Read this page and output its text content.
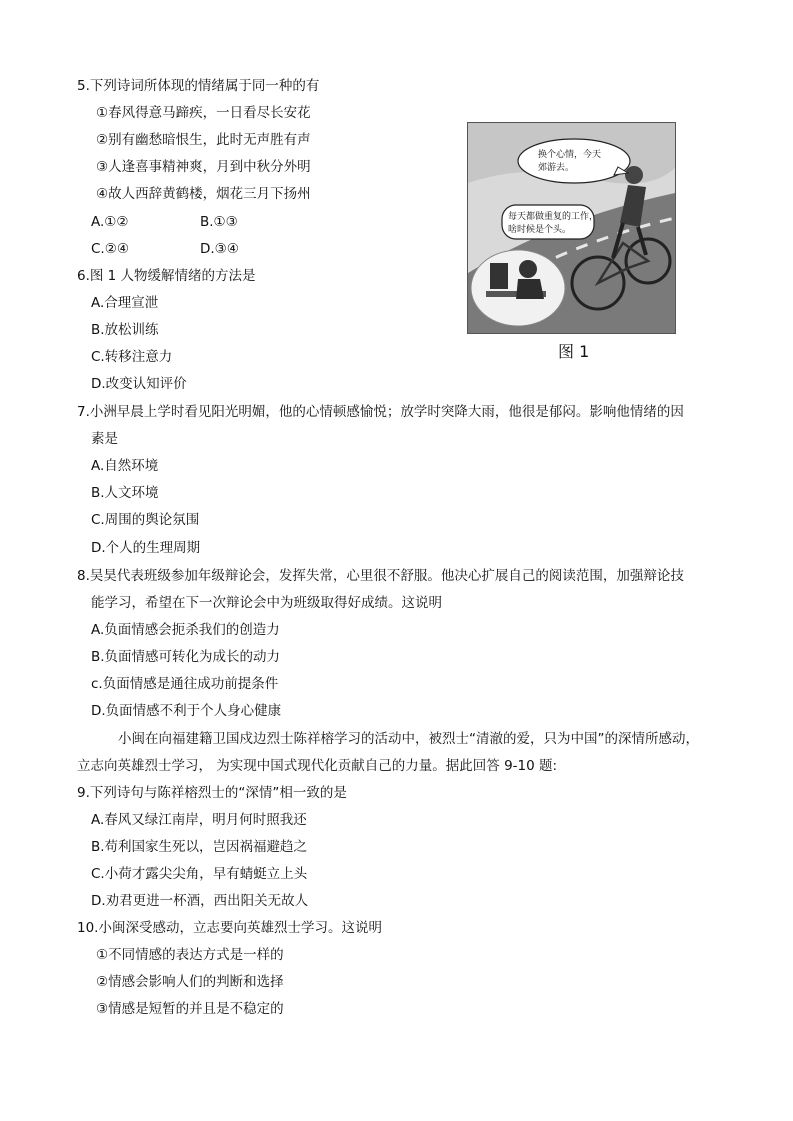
5.下列诗词所体现的情绪属于同一种的有
①春风得意马蹄疾，一日看尽长安花
②别有幽愁暗恨生，此时无声胜有声
③人逢喜事精神爽，月到中秋分外明
④故人西辞黄鹤楼，烟花三月下扬州
A.①②	B.①③
C.②④	D.③④
6.图 1 人物缓解情绪的方法是
A.合理宣泄
B.放松训练
C.转移注意力
D.改变认知评价
7.小洲早晨上学时看见阳光明媚，他的心情顿感愉悦；放学时突降大雨，他很是郁闷。影响他情绪的因
素是
A.自然环境
B.人文环境
C.周围的舆论氛围
D.个人的生理周期
8.吴昊代表班级参加年级辩论会，发挥失常，心里很不舒服。他决心扩展自己的阅读范围，加强辩论技
能学习，希望在下一次辩论会中为班级取得好成绩。这说明
A.负面情感会扼杀我们的创造力
B.负面情感可转化为成长的动力
c.负面情感是通往成功前提条件
D.负面情感不利于个人身心健康
小闽在向福建籍卫国戍边烈士陈祥榕学习的活动中，被烈士“清澈的爱，只为中国”的深情所感动，
立志向英雄烈士学习， 为实现中国式现代化贡献自己的力量。据此回答 9-10 题:
9.下列诗句与陈祥榕烈士的“深情”相一致的是
A.春风又绿江南岸，明月何时照我还
B.苟利国家生死以，岂因祸福避趋之
C.小荷才露尖尖角，早有蜻蜓立上头
D.劝君更进一杯酒，西出阳关无故人
10.小闽深受感动，立志要向英雄烈士学习。这说明
①不同情感的表达方式是一样的
②情感会影响人们的判断和选择
③情感是短暂的并且是不稳定的
换个心情，今天
郊游去。
每天都做重复的工作，
啥时候是个头。
图 1
